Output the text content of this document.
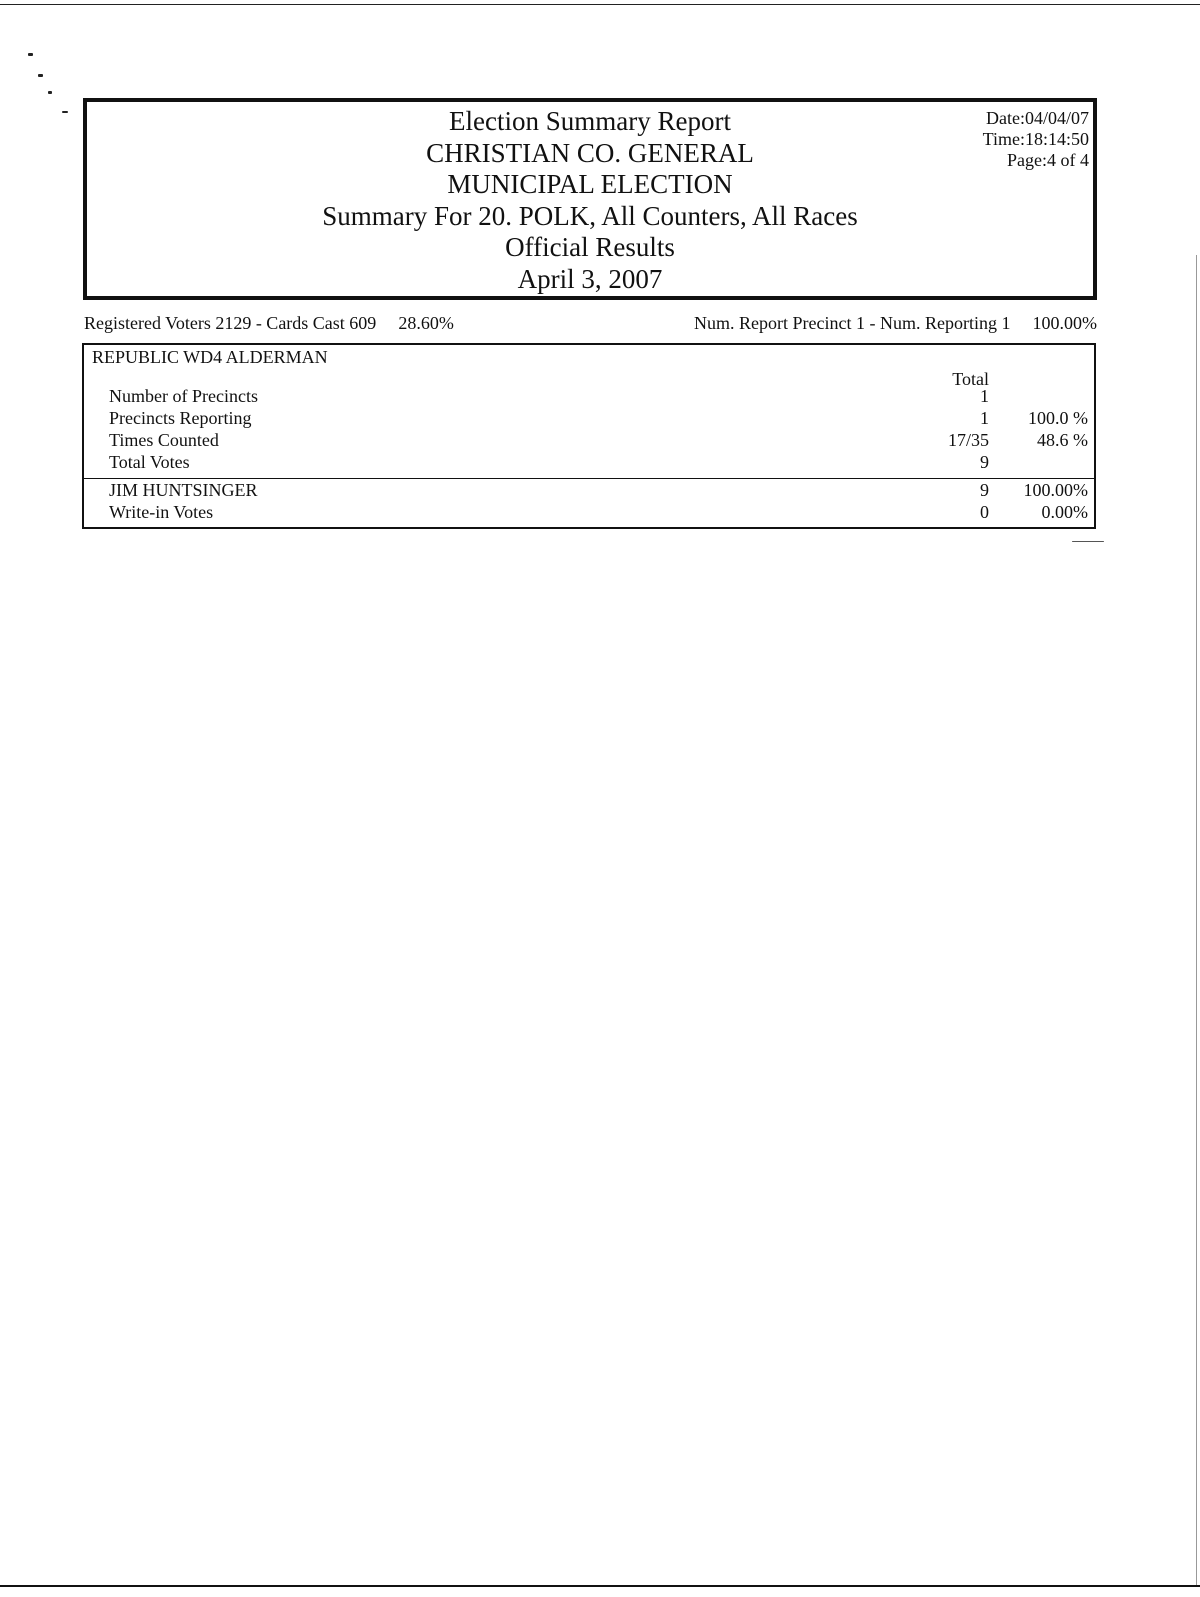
Election Summary Report
CHRISTIAN CO. GENERAL
MUNICIPAL ELECTION
Summary For 20. POLK, All Counters, All Races
Official Results
April 3, 2007
Date:04/04/07
Time:18:14:50
Page:4 of 4
Registered Voters 2129 - Cards Cast 609 28.60%	Num. Report Precinct 1 - Num. Reporting 1 100.00%
REPUBLIC WD4 ALDERMAN
Total
Number of Precincts	1
Precincts Reporting	1 100.0 %
Times Counted	17/35	48.6 %
Total Votes	9
JIM HUNTSINGER	9 100.00%
Write-in Votes	0	0.00%
